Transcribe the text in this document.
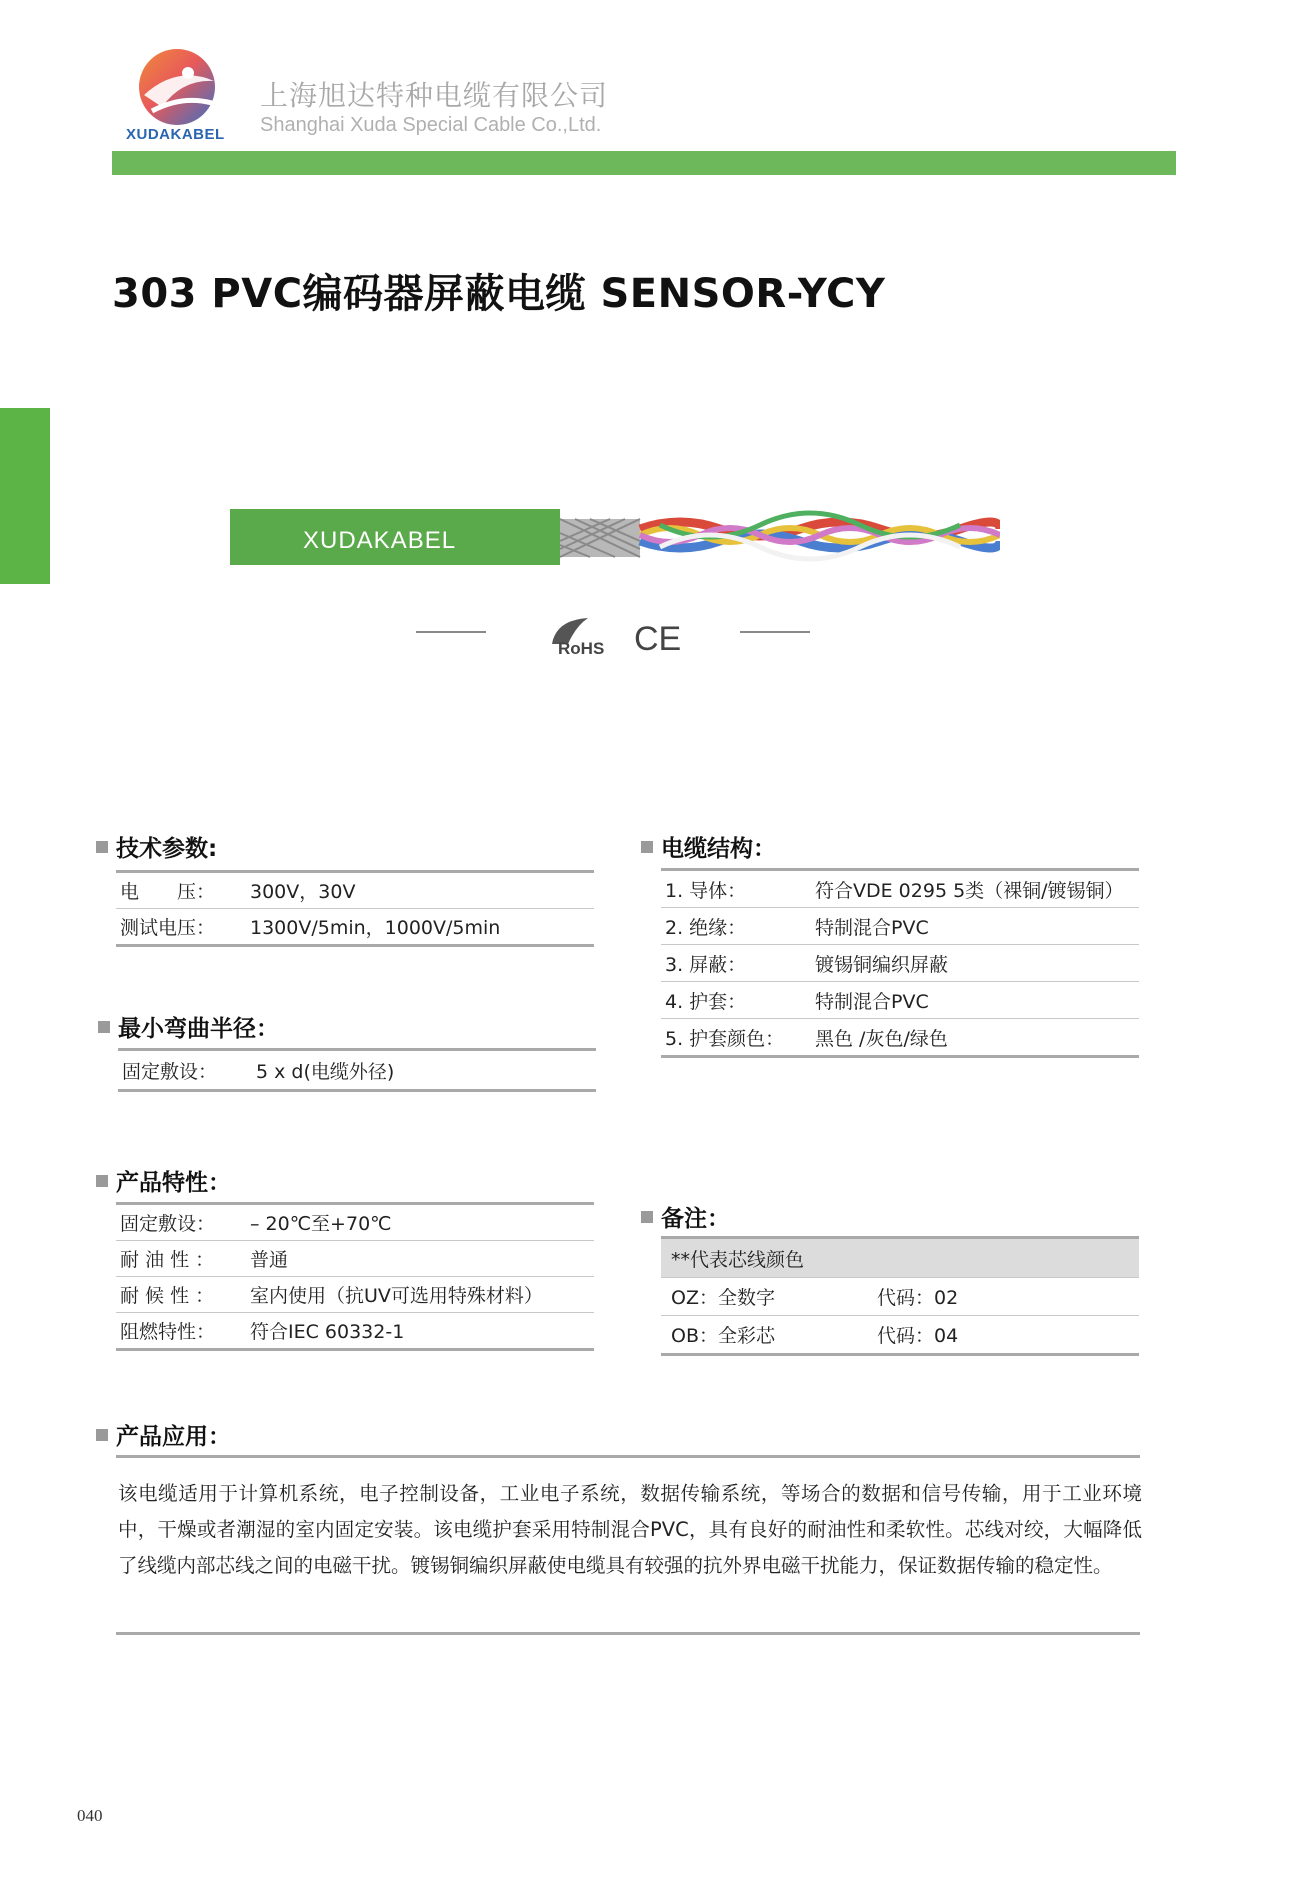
XUDAKABEL
上海旭达特种电缆有限公司
Shanghai Xuda Special Cable Co.,Ltd.
303 PVC编码器屏蔽电缆 SENSOR-YCY
XUDAKABEL
RoHS CE
技术参数:
电　　压：	300V，30V
测试电压：	1300V/5min，1000V/5min
最小弯曲半径：
固定敷设：	5 x d(电缆外径)
产品特性：
固定敷设：	– 20℃至+70℃
耐 油 性 ：	普通
耐 候 性 ：	室内使用（抗UV可选用特殊材料）
阻燃特性：	符合IEC 60332-1
电缆结构：
1. 导体：	符合VDE 0295 5类（裸铜/镀锡铜）
2. 绝缘：	特制混合PVC
3. 屏蔽：	镀锡铜编织屏蔽
4. 护套：	特制混合PVC
5. 护套颜色：	黑色 /灰色/绿色
备注：
**代表芯线颜色
OZ：全数字	代码：02
OB：全彩芯	代码：04
产品应用：
该电缆适用于计算机系统，电子控制设备，工业电子系统，数据传输系统，等场合的数据和信号传输，用于工业环境中，干燥或者潮湿的室内固定安装。该电缆护套采用特制混合PVC，具有良好的耐油性和柔软性。芯线对绞，大幅降低了线缆内部芯线之间的电磁干扰。镀锡铜编织屏蔽使电缆具有较强的抗外界电磁干扰能力，保证数据传输的稳定性。
040
